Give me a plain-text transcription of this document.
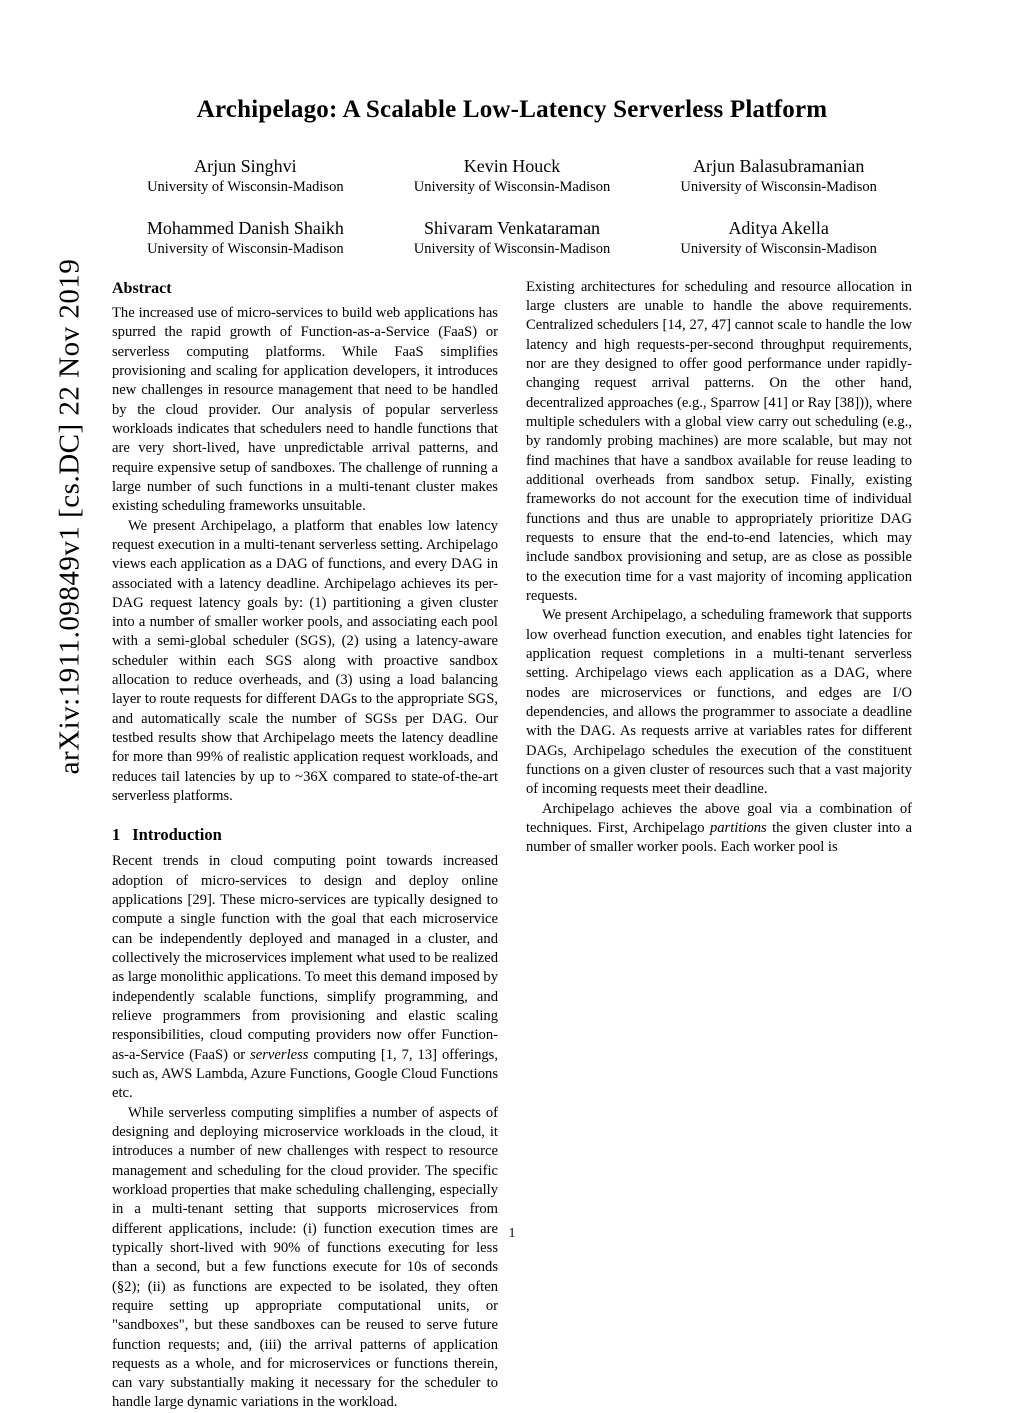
arXiv:1911.09849v1 [cs.DC] 22 Nov 2019
Archipelago: A Scalable Low-Latency Serverless Platform
Arjun Singhvi
University of Wisconsin-Madison
Kevin Houck
University of Wisconsin-Madison
Arjun Balasubramanian
University of Wisconsin-Madison
Mohammed Danish Shaikh
University of Wisconsin-Madison
Shivaram Venkataraman
University of Wisconsin-Madison
Aditya Akella
University of Wisconsin-Madison
Abstract

The increased use of micro-services to build web applications has spurred the rapid growth of Function-as-a-Service (FaaS) or serverless computing platforms. While FaaS simplifies provisioning and scaling for application developers, it introduces new challenges in resource management that need to be handled by the cloud provider. Our analysis of popular serverless workloads indicates that schedulers need to handle functions that are very short-lived, have unpredictable arrival patterns, and require expensive setup of sandboxes. The challenge of running a large number of such functions in a multi-tenant cluster makes existing scheduling frameworks unsuitable.

We present Archipelago, a platform that enables low latency request execution in a multi-tenant serverless setting. Archipelago views each application as a DAG of functions, and every DAG in associated with a latency deadline. Archipelago achieves its per-DAG request latency goals by: (1) partitioning a given cluster into a number of smaller worker pools, and associating each pool with a semi-global scheduler (SGS), (2) using a latency-aware scheduler within each SGS along with proactive sandbox allocation to reduce overheads, and (3) using a load balancing layer to route requests for different DAGs to the appropriate SGS, and automatically scale the number of SGSs per DAG. Our testbed results show that Archipelago meets the latency deadline for more than 99% of realistic application request workloads, and reduces tail latencies by up to ~36X compared to state-of-the-art serverless platforms.

1 Introduction

Recent trends in cloud computing point towards increased adoption of micro-services to design and deploy online applications [29]. These micro-services are typically designed to compute a single function with the goal that each microservice can be independently deployed and managed in a cluster, and collectively the microservices implement what used to be realized as large monolithic applications. To meet this demand imposed by independently scalable functions, simplify programming, and relieve programmers from provisioning and elastic scaling responsibilities, cloud computing providers now offer Function-as-a-Service (FaaS) or serverless computing [1, 7, 13] offerings, such as, AWS Lambda, Azure Functions, Google Cloud Functions etc.

While serverless computing simplifies a number of aspects of designing and deploying microservice workloads in the cloud, it introduces a number of new challenges with respect to resource management and scheduling for the cloud provider. The specific workload properties that make scheduling challenging, especially in a multi-tenant setting that supports microservices from different applications, include: (i) function execution times are typically short-lived with 90% of functions executing for less than a second, but a few functions execute for 10s of seconds (§2); (ii) as functions are expected to be isolated, they often require setting up appropriate computational units, or "sandboxes", but these sandboxes can be reused to serve future function requests; and, (iii) the arrival patterns of application requests as a whole, and for microservices or functions therein, can vary substantially making it necessary for the scheduler to handle large dynamic variations in the workload.

Existing architectures for scheduling and resource allocation in large clusters are unable to handle the above requirements. Centralized schedulers [14, 27, 47] cannot scale to handle the low latency and high requests-per-second throughput requirements, nor are they designed to offer good performance under rapidly-changing request arrival patterns. On the other hand, decentralized approaches (e.g., Sparrow [41] or Ray [38])), where multiple schedulers with a global view carry out scheduling (e.g., by randomly probing machines) are more scalable, but may not find machines that have a sandbox available for reuse leading to additional overheads from sandbox setup. Finally, existing frameworks do not account for the execution time of individual functions and thus are unable to appropriately prioritize DAG requests to ensure that the end-to-end latencies, which may include sandbox provisioning and setup, are as close as possible to the execution time for a vast majority of incoming application requests.

We present Archipelago, a scheduling framework that supports low overhead function execution, and enables tight latencies for application request completions in a multi-tenant serverless setting. Archipelago views each application as a DAG, where nodes are microservices or functions, and edges are I/O dependencies, and allows the programmer to associate a deadline with the DAG. As requests arrive at variables rates for different DAGs, Archipelago schedules the execution of the constituent functions on a given cluster of resources such that a vast majority of incoming requests meet their deadline.

Archipelago achieves the above goal via a combination of techniques. First, Archipelago partitions the given cluster into a number of smaller worker pools. Each worker pool is

1
